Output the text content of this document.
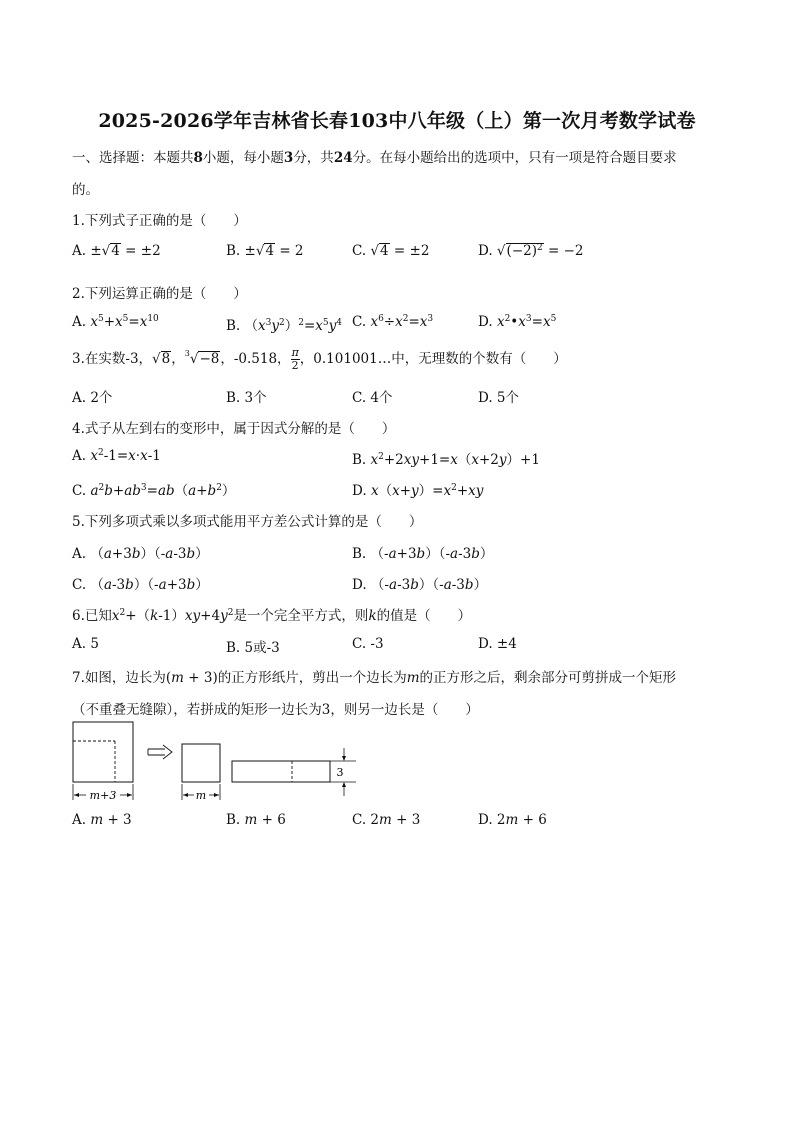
2025-2026学年吉林省长春103中八年级（上）第一次月考数学试卷
一、选择题：本题共8小题，每小题3分，共24分。在每小题给出的选项中，只有一项是符合题目要求
的。
1.下列式子正确的是（　　）
A. ±√4 = ±2	B. ±√4 = 2	C. √4 = ±2	D. $√(-2)^2 = -2$
2.下列运算正确的是（　　）
A. $x^5+x^5=x^{10}$	B. $(x^3y^2)^2=x^5y^4$ C. $x^6\div x^2=x^3$	D. $x^2•x^3=x^5$
3.在实数-3，√8，$^3$√−8，-0.518， $\frac{\pi}{2}$ ，0.101001…中，无理数的个数有（　　）
A. 2个	B. 3个	C. 4个	D. 5个
4.式子从左到右的变形中，属于因式分解的是（　　）
A. $x^2-1=x\cdot x-1$	B. $x^2+2xy+1=x(x+2y)+1$
C. $a^2b+ab^3=ab(a+b^2)$	D. $x(x+y)=x^2+xy$
5.下列多项式乘以多项式能用平方差公式计算的是（　　）
A. （a+3b）（-a-3b）	B. （-a+3b）（-a-3b）
C. （a-3b）（-a+3b）	D. （-a-3b）（-a-3b）
6.已知$x^2+(k-1)xy+4y^2$是一个完全平方式，则k的值是（　　）
A. 5	B. 5或-3	C. -3	D. ±4
7.如图，边长为(m + 3)的正方形纸片，剪出一个边长为m的正方形之后，剩余部分可剪拼成一个矩形
（不重叠无缝隙），若拼成的矩形一边长为3，则另一边长是（　　）
m+3	m
3
A. m + 3	B. m + 6	C. 2m + 3	D. 2m + 6
